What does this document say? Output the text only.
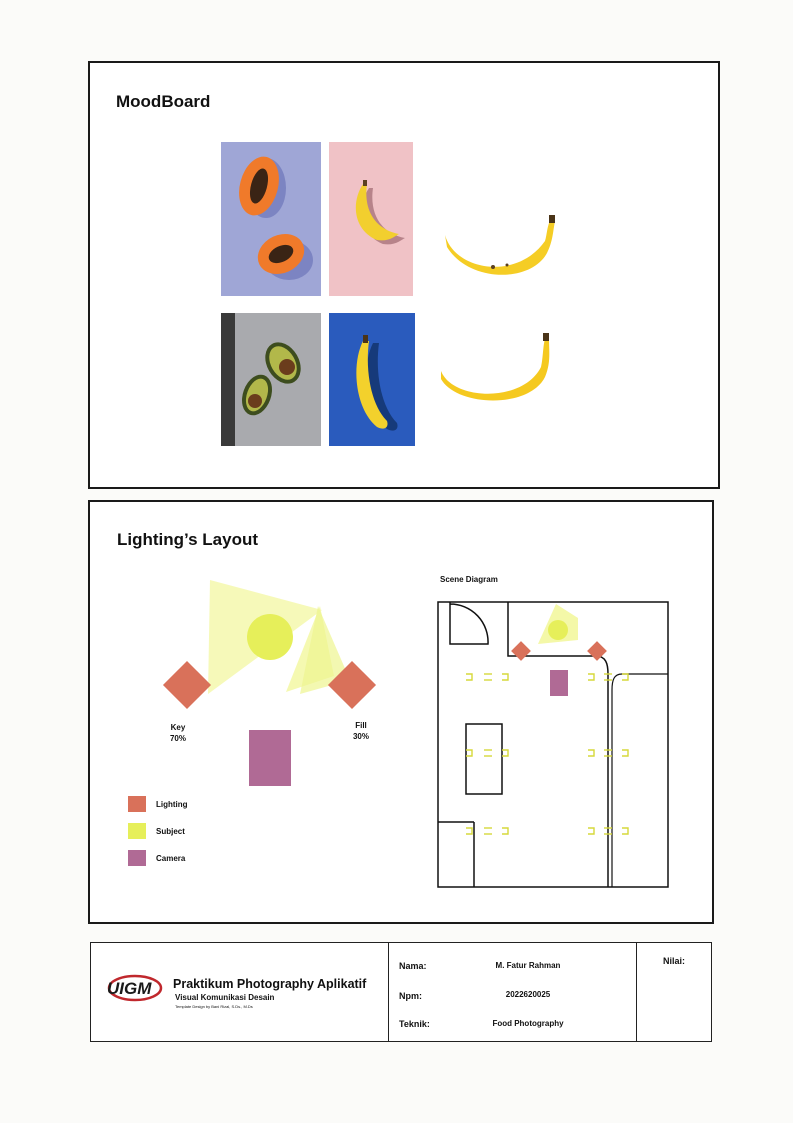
MoodBoard
Lighting’s Layout
Key
70%
Fill
30%
Lighting
Subject
Camera
Scene Diagram
UIGM Praktikum Photography Aplikatif
Visual Komunikasi Desain
Template Design by Bani Rizal, S.Ds., M.Ds
Nama:	M. Fatur Rahman
Npm:	2022620025
Teknik:	Food Photography
Nilai:
